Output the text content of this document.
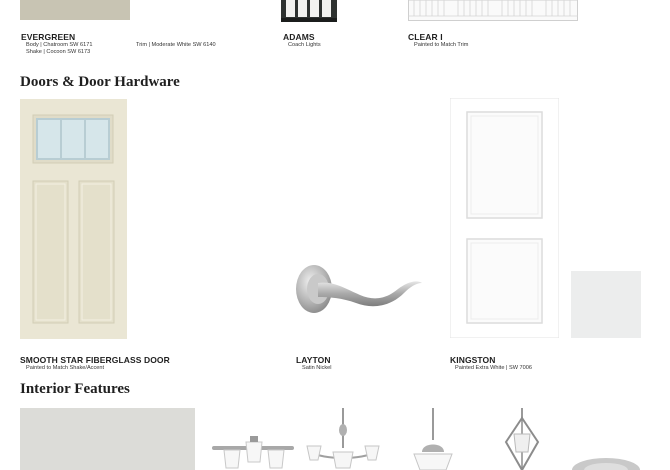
EVERGREEN
Body | Chatroom SW 6171
Shake | Cocoon SW 6173
Trim | Moderate White SW 6140
ADAMS
Coach Lights
CLEAR I
Painted to Match Trim
Doors & Door Hardware
SMOOTH STAR FIBERGLASS DOOR
Painted to Match Shake/Accent
LAYTON
Satin Nickel
KINGSTON
Painted Extra White | SW 7006
Interior Features
